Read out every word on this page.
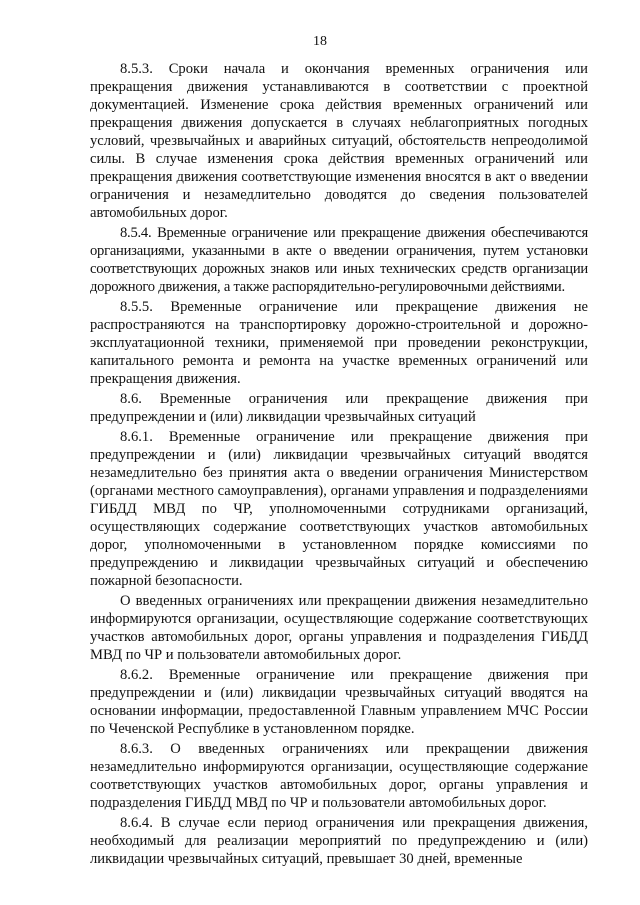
18

8.5.3. Сроки начала и окончания временных ограничения или прекращения движения устанавливаются в соответствии с проектной документацией. Изменение срока действия временных ограничений или прекращения движения допускается в случаях неблагоприятных погодных условий, чрезвычайных и аварийных ситуаций, обстоятельств непреодолимой силы. В случае изменения срока действия временных ограничений или прекращения движения соответствующие изменения вносятся в акт о введении ограничения и незамедлительно доводятся до сведения пользователей автомобильных дорог.

8.5.4. Временные ограничение или прекращение движения обеспечиваются организациями, указанными в акте о введении ограничения, путем установки соответствующих дорожных знаков или иных технических средств организации дорожного движения, а также распорядительно-регулировочными действиями.

8.5.5. Временные ограничение или прекращение движения не распространяются на транспортировку дорожно-строительной и дорожно-эксплуатационной техники, применяемой при проведении реконструкции, капитального ремонта и ремонта на участке временных ограничений или прекращения движения.

8.6. Временные ограничения или прекращение движения при предупреждении и (или) ликвидации чрезвычайных ситуаций

8.6.1. Временные ограничение или прекращение движения при предупреждении и (или) ликвидации чрезвычайных ситуаций вводятся незамедлительно без принятия акта о введении ограничения Министерством (органами местного самоуправления), органами управления и подразделениями ГИБДД МВД по ЧР, уполномоченными сотрудниками организаций, осуществляющих содержание соответствующих участков автомобильных дорог, уполномоченными в установленном порядке комиссиями по предупреждению и ликвидации чрезвычайных ситуаций и обеспечению пожарной безопасности.

О введенных ограничениях или прекращении движения незамедлительно информируются организации, осуществляющие содержание соответствующих участков автомобильных дорог, органы управления и подразделения ГИБДД МВД по ЧР и пользователи автомобильных дорог.

8.6.2. Временные ограничение или прекращение движения при предупреждении и (или) ликвидации чрезвычайных ситуаций вводятся на основании информации, предоставленной Главным управлением МЧС России по Чеченской Республике в установленном порядке.

8.6.3. О введенных ограничениях или прекращении движения незамедлительно информируются организации, осуществляющие содержание соответствующих участков автомобильных дорог, органы управления и подразделения ГИБДД МВД по ЧР и пользователи автомобильных дорог.

8.6.4. В случае если период ограничения или прекращения движения, необходимый для реализации мероприятий по предупреждению и (или) ликвидации чрезвычайных ситуаций, превышает 30 дней, временные
